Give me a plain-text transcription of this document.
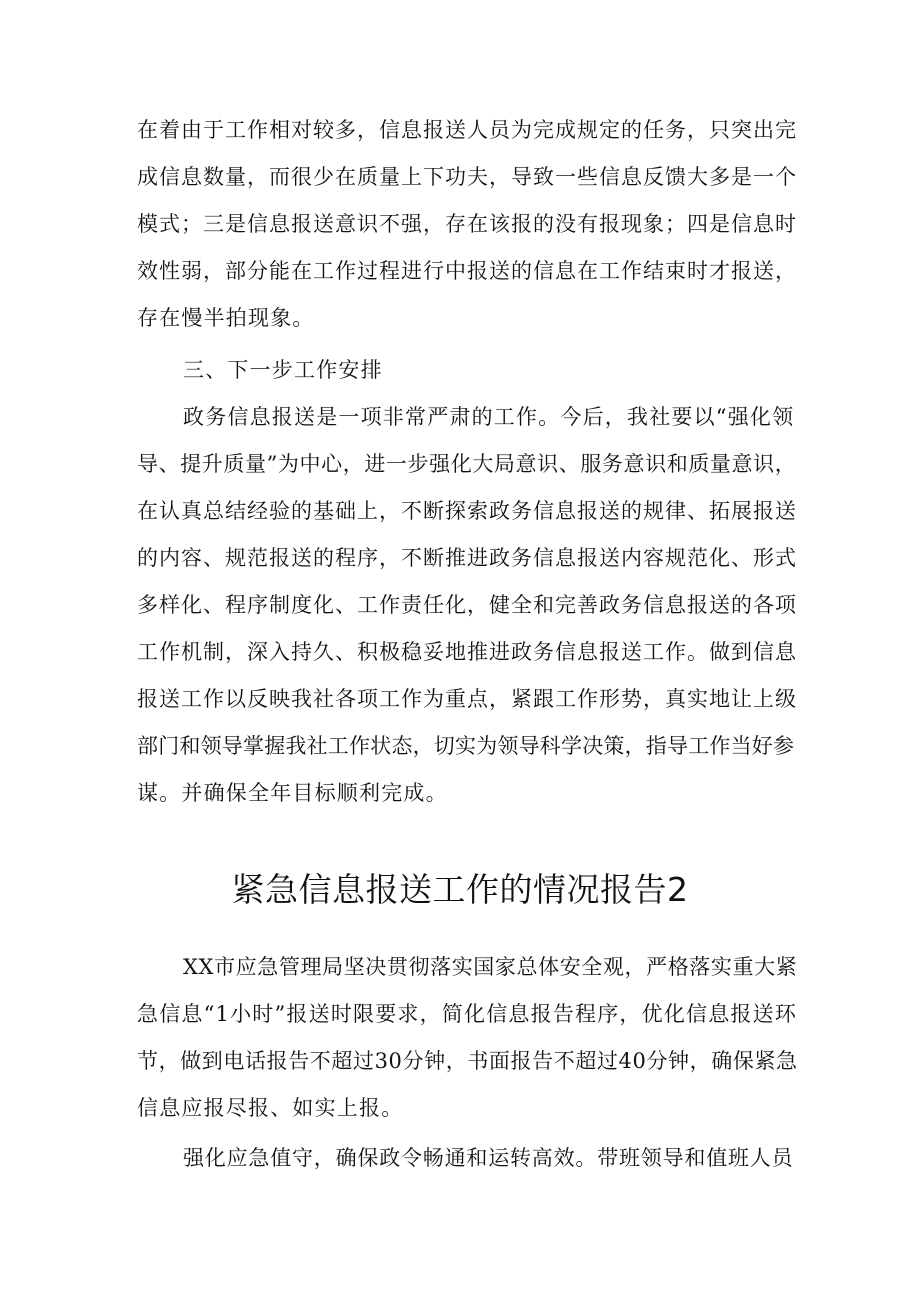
在着由于工作相对较多，信息报送人员为完成规定的任务，只突出完
成信息数量，而很少在质量上下功夫，导致一些信息反馈大多是一个
模式；三是信息报送意识不强，存在该报的没有报现象；四是信息时
效性弱，部分能在工作过程进行中报送的信息在工作结束时才报送，
存在慢半拍现象。
三、下一步工作安排
政务信息报送是一项非常严肃的工作。今后，我社要以“强化领
导、提升质量”为中心，进一步强化大局意识、服务意识和质量意识，
在认真总结经验的基础上，不断探索政务信息报送的规律、拓展报送
的内容、规范报送的程序，不断推进政务信息报送内容规范化、形式
多样化、程序制度化、工作责任化，健全和完善政务信息报送的各项
工作机制，深入持久、积极稳妥地推进政务信息报送工作。做到信息
报送工作以反映我社各项工作为重点，紧跟工作形势，真实地让上级
部门和领导掌握我社工作状态，切实为领导科学决策，指导工作当好参
谋。并确保全年目标顺利完成。
紧急信息报送工作的情况报告2
XX市应急管理局坚决贯彻落实国家总体安全观，严格落实重大紧
急信息“1小时”报送时限要求，简化信息报告程序，优化信息报送环
节，做到电话报告不超过30分钟，书面报告不超过40分钟，确保紧急
信息应报尽报、如实上报。
强化应急值守，确保政令畅通和运转高效。带班领导和值班人员
